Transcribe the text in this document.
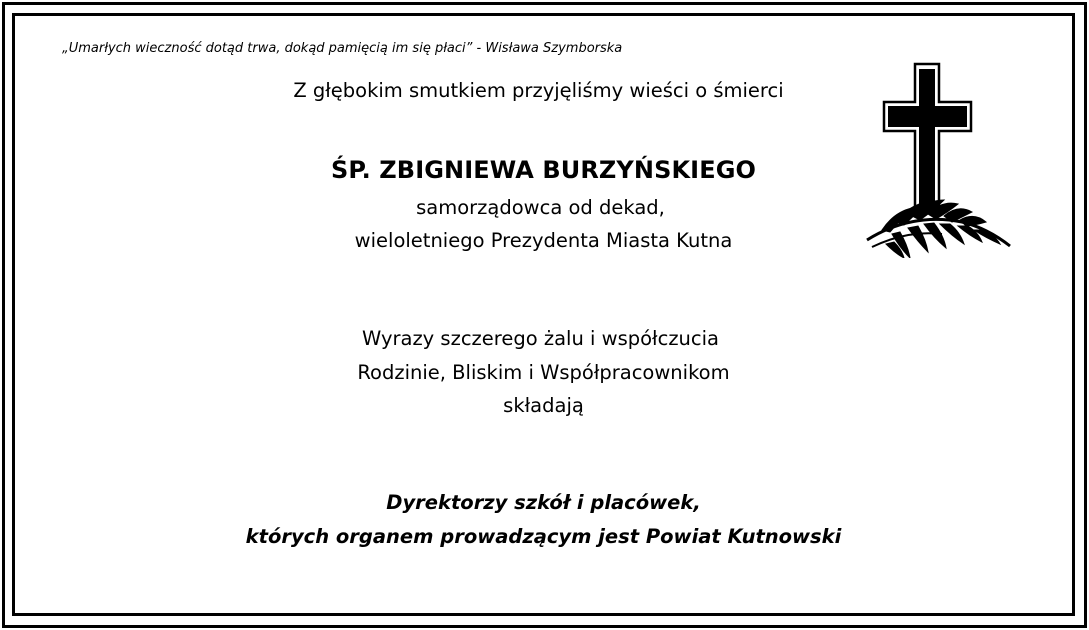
„Umarłych wieczność dotąd trwa, dokąd pamięcią im się płaci” - Wisława Szymborska
Z głębokim smutkiem przyjęliśmy wieści o śmierci
ŚP. ZBIGNIEWA BURZYŃSKIEGO
samorządowca od dekad,
wieloletniego Prezydenta Miasta Kutna
Wyrazy szczerego żalu i współczucia
Rodzinie, Bliskim i Współpracownikom
składają
Dyrektorzy szkół i placówek,
których organem prowadzącym jest Powiat Kutnowski
